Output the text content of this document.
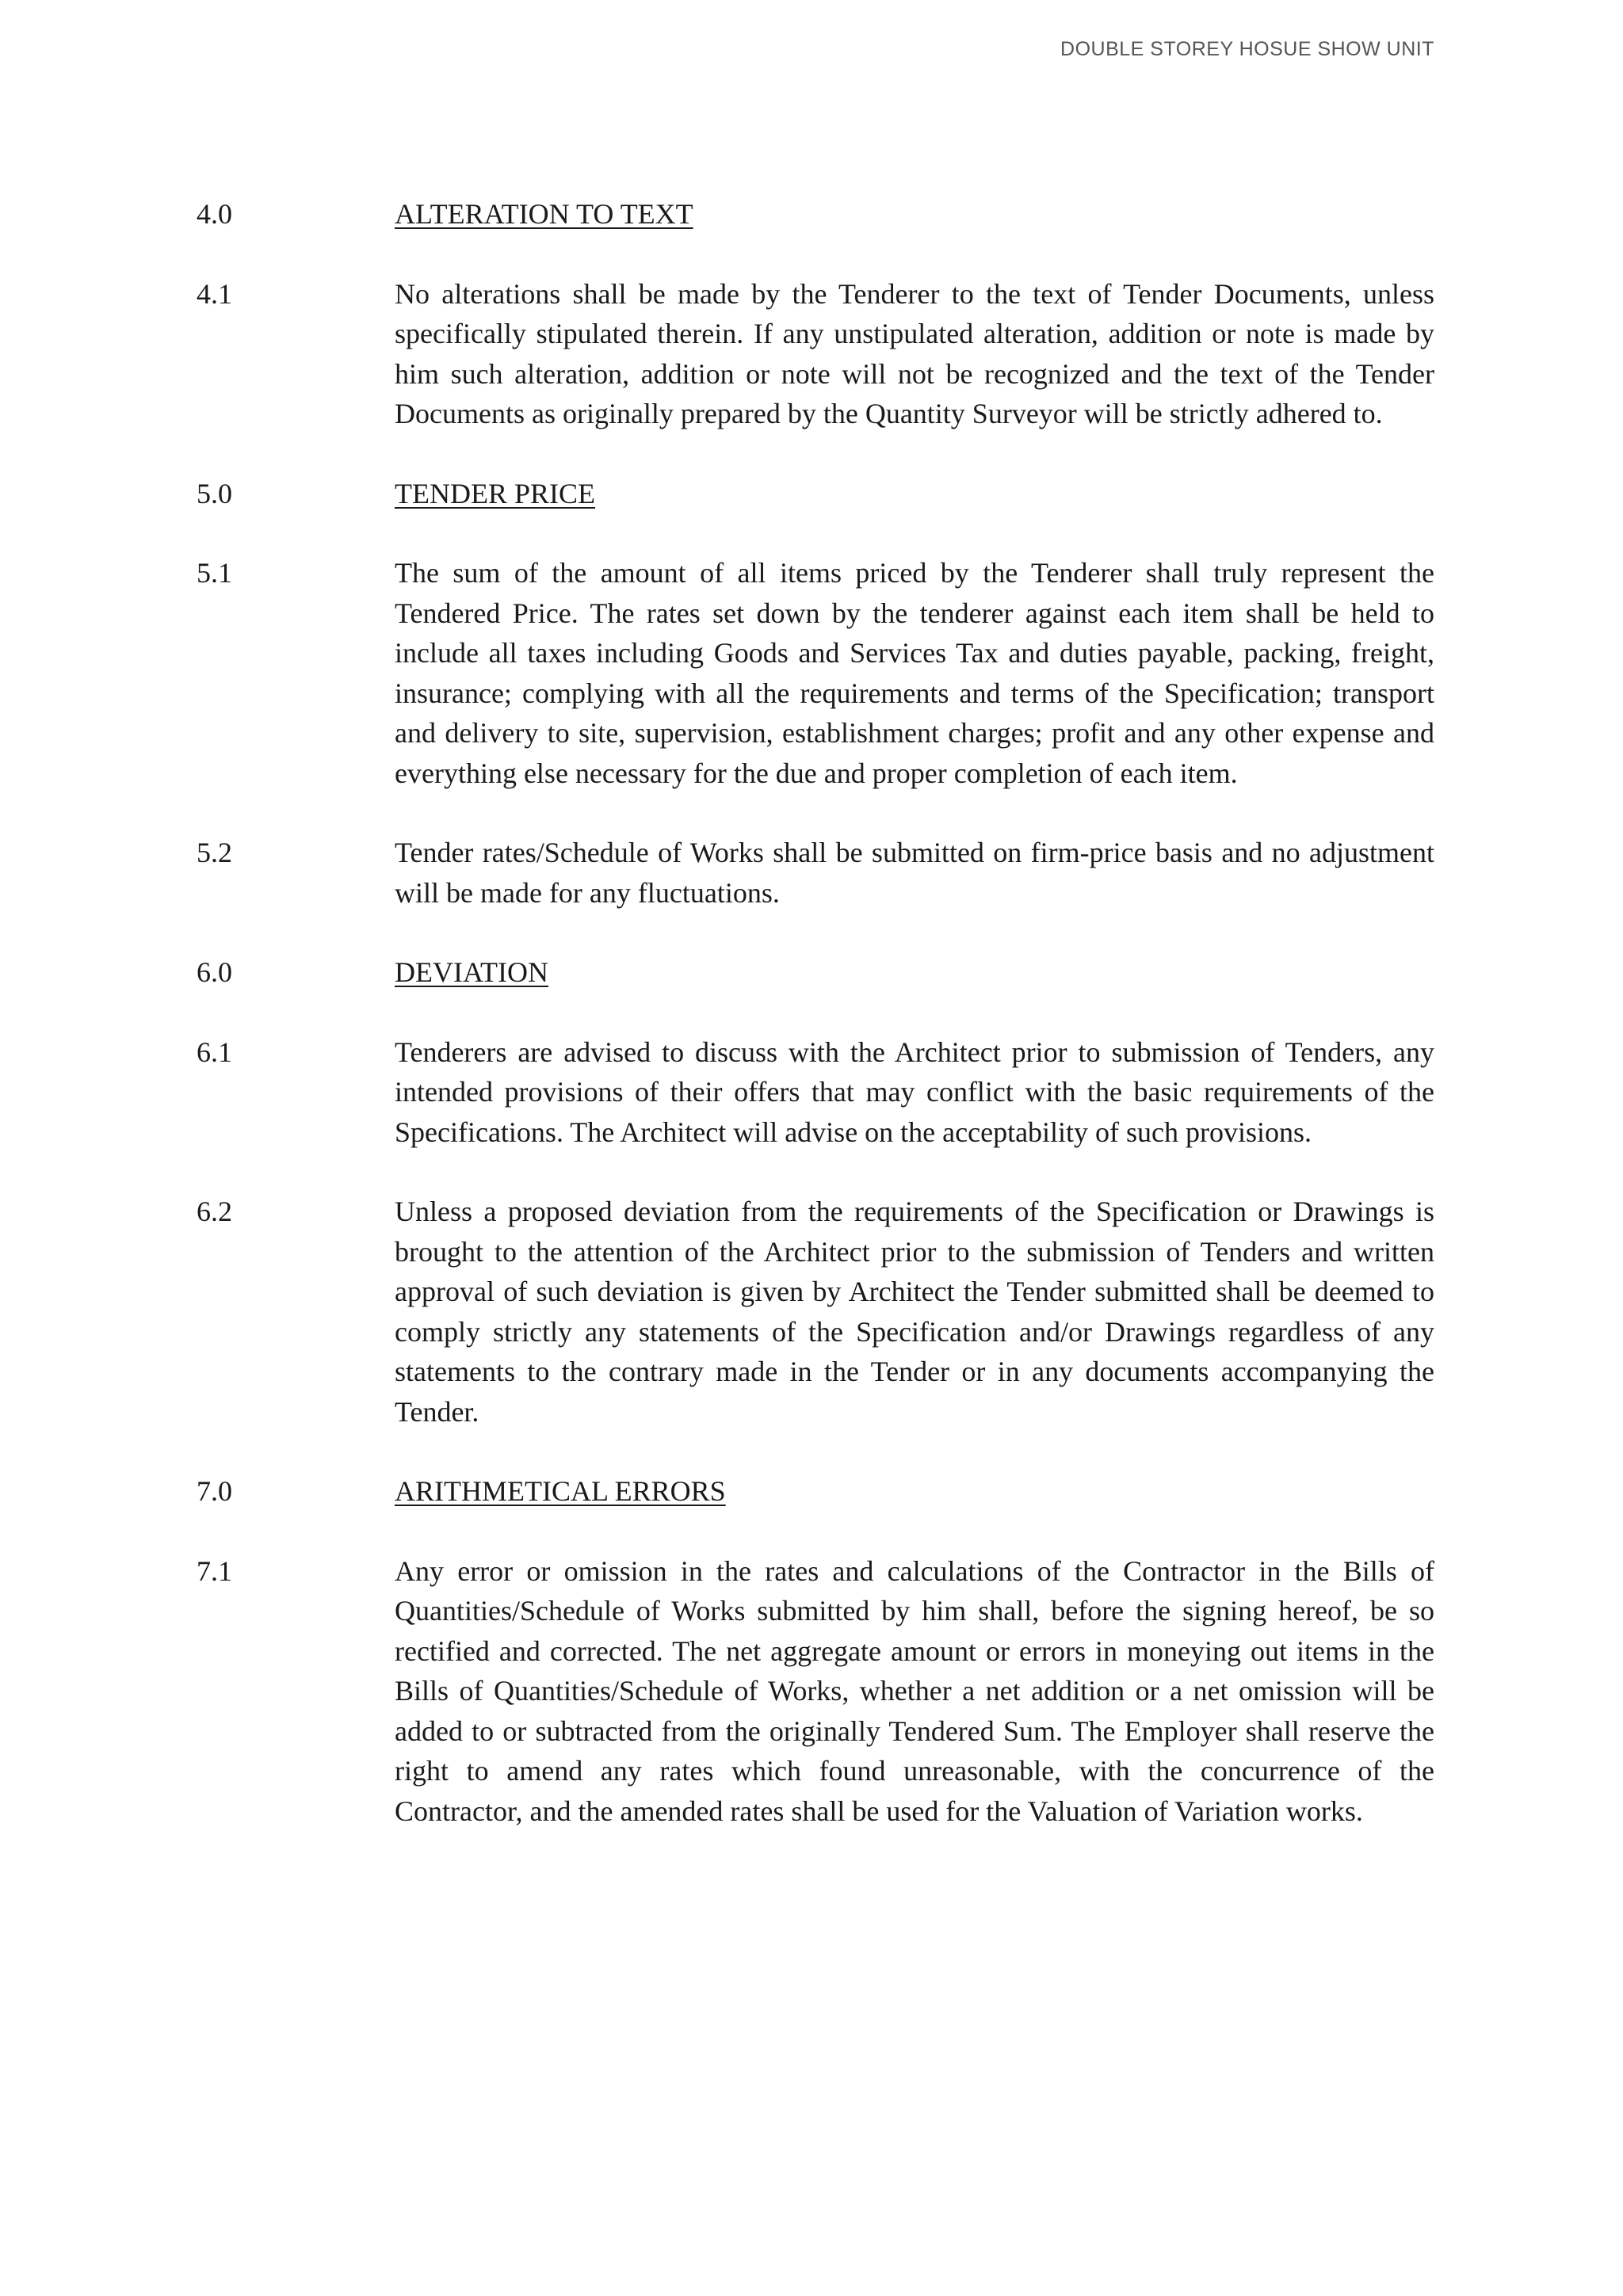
DOUBLE STOREY HOSUE SHOW UNIT
4.0	ALTERATION TO TEXT
4.1	No alterations shall be made by the Tenderer to the text of Tender Documents, unless specifically stipulated therein. If any unstipulated alteration, addition or note is made by him such alteration, addition or note will not be recognized and the text of the Tender Documents as originally prepared by the Quantity Surveyor will be strictly adhered to.
5.0	TENDER PRICE
5.1	The sum of the amount of all items priced by the Tenderer shall truly represent the Tendered Price. The rates set down by the tenderer against each item shall be held to include all taxes including Goods and Services Tax and duties payable, packing, freight, insurance; complying with all the requirements and terms of the Specification; transport and delivery to site, supervision, establishment charges; profit and any other expense and everything else necessary for the due and proper completion of each item.
5.2	Tender rates/Schedule of Works shall be submitted on firm-price basis and no adjustment will be made for any fluctuations.
6.0	DEVIATION
6.1	Tenderers are advised to discuss with the Architect prior to submission of Tenders, any intended provisions of their offers that may conflict with the basic requirements of the Specifications. The Architect will advise on the acceptability of such provisions.
6.2	Unless a proposed deviation from the requirements of the Specification or Drawings is brought to the attention of the Architect prior to the submission of Tenders and written approval of such deviation is given by Architect the Tender submitted shall be deemed to comply strictly any statements of the Specification and/or Drawings regardless of any statements to the contrary made in the Tender or in any documents accompanying the Tender.
7.0	ARITHMETICAL ERRORS
7.1	Any error or omission in the rates and calculations of the Contractor in the Bills of Quantities/Schedule of Works submitted by him shall, before the signing hereof, be so rectified and corrected. The net aggregate amount or errors in moneying out items in the Bills of Quantities/Schedule of Works, whether a net addition or a net omission will be added to or subtracted from the originally Tendered Sum. The Employer shall reserve the right to amend any rates which found unreasonable, with the concurrence of the Contractor, and the amended rates shall be used for the Valuation of Variation works.
